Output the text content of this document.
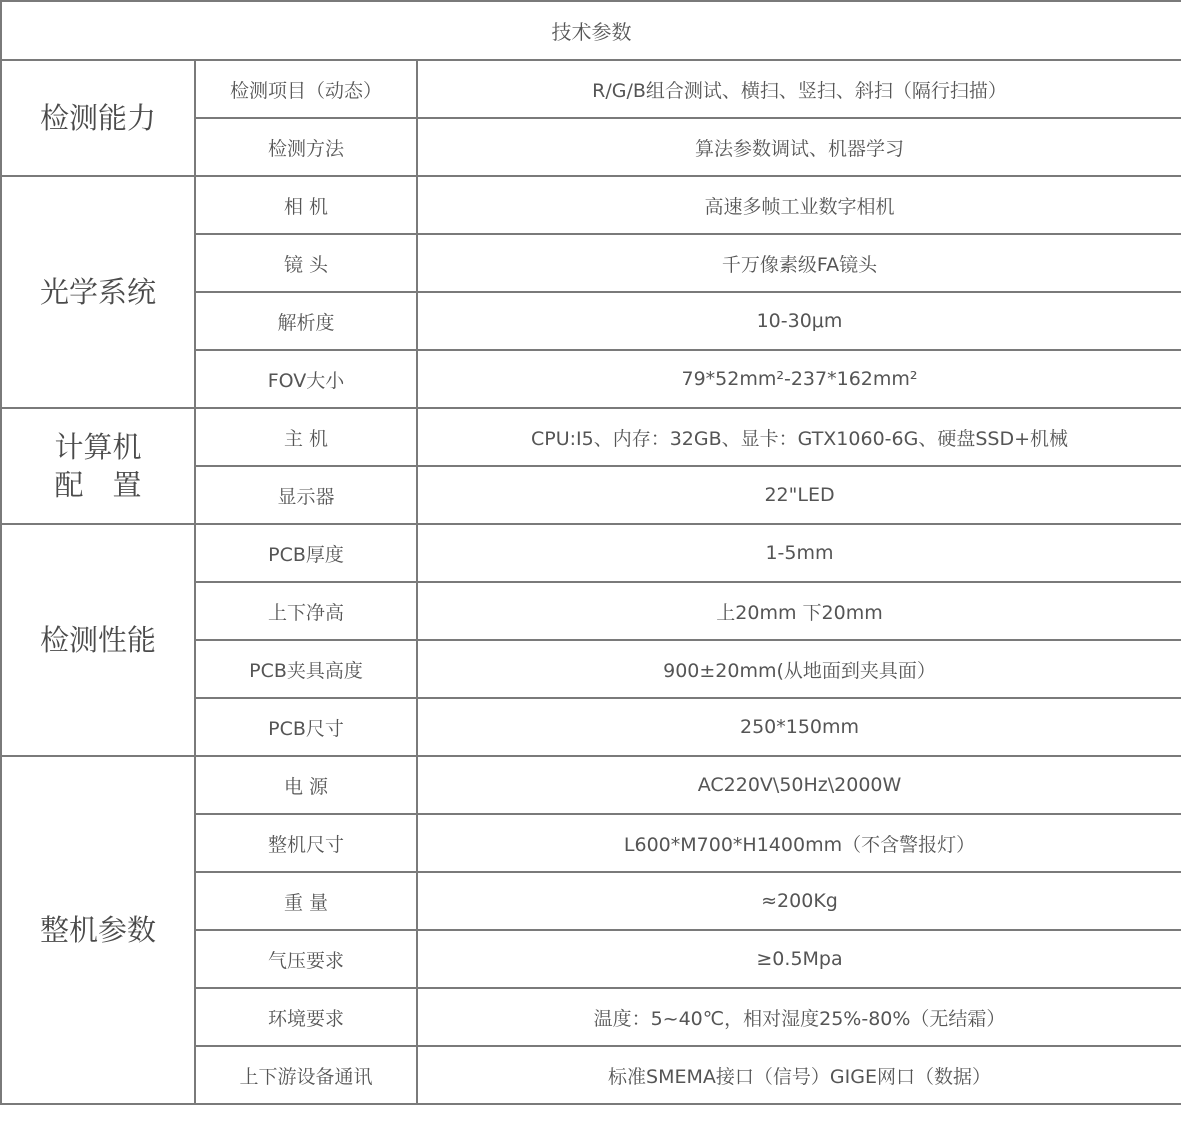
技术参数		
检测能力	检测项目（动态）	R/G/B组合测试、横扫、竖扫、斜扫（隔行扫描）
	检测方法	算法参数调试、机器学习
光学系统	相 机	高速多帧工业数字相机
	镜 头	千万像素级FA镜头
	解析度	10-30μm
	FOV大小	79*52mm²-237*162mm²
计算机
配　置	主 机	CPU:I5、内存：32GB、显卡：GTX1060-6G、硬盘SSD+机械
	显示器	22"LED
检测性能	PCB厚度	1-5mm
	上下净高	上20mm 下20mm
	PCB夹具高度	900±20mm(从地面到夹具面）
	PCB尺寸	250*150mm
整机参数	电 源	AC220V\50Hz\2000W
	整机尺寸	L600*M700*H1400mm（不含警报灯）
	重 量	≈200Kg
	气压要求	≥0.5Mpa
	环境要求	温度：5~40℃，相对湿度25%-80%（无结霜）
	上下游设备通讯	标准SMEMA接口（信号）GIGE网口（数据）
